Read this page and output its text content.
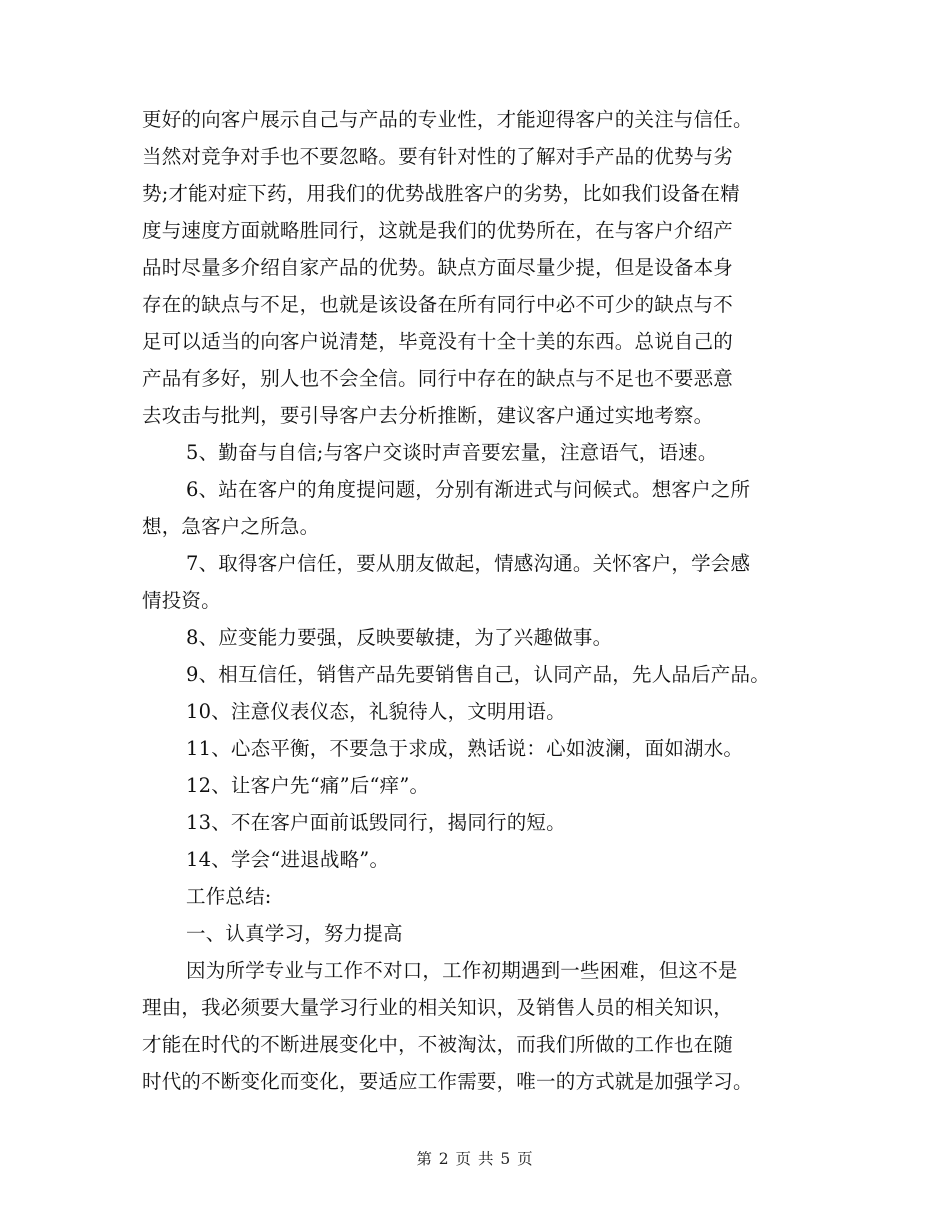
更好的向客户展示自己与产品的专业性，才能迎得客户的关注与信任。
当然对竞争对手也不要忽略。要有针对性的了解对手产品的优势与劣
势;才能对症下药，用我们的优势战胜客户的劣势，比如我们设备在精
度与速度方面就略胜同行，这就是我们的优势所在，在与客户介绍产
品时尽量多介绍自家产品的优势。缺点方面尽量少提，但是设备本身
存在的缺点与不足，也就是该设备在所有同行中必不可少的缺点与不
足可以适当的向客户说清楚，毕竟没有十全十美的东西。总说自己的
产品有多好，别人也不会全信。同行中存在的缺点与不足也不要恶意
去攻击与批判，要引导客户去分析推断，建议客户通过实地考察。
5、勤奋与自信;与客户交谈时声音要宏量，注意语气，语速。
6、站在客户的角度提问题，分别有渐进式与问候式。想客户之所
想，急客户之所急。
7、取得客户信任，要从朋友做起，情感沟通。关怀客户，学会感
情投资。
8、应变能力要强，反映要敏捷，为了兴趣做事。
9、相互信任，销售产品先要销售自己，认同产品，先人品后产品。
10、注意仪表仪态，礼貌待人，文明用语。
11、心态平衡，不要急于求成，熟话说：心如波澜，面如湖水。
12、让客户先“痛”后“痒”。
13、不在客户面前诋毁同行，揭同行的短。
14、学会“进退战略”。
工作总结:
一、认真学习，努力提高
因为所学专业与工作不对口，工作初期遇到一些困难，但这不是
理由，我必须要大量学习行业的相关知识，及销售人员的相关知识，
才能在时代的不断进展变化中，不被淘汰，而我们所做的工作也在随
时代的不断变化而变化，要适应工作需要，唯一的方式就是加强学习。
第 2 页 共 5 页
